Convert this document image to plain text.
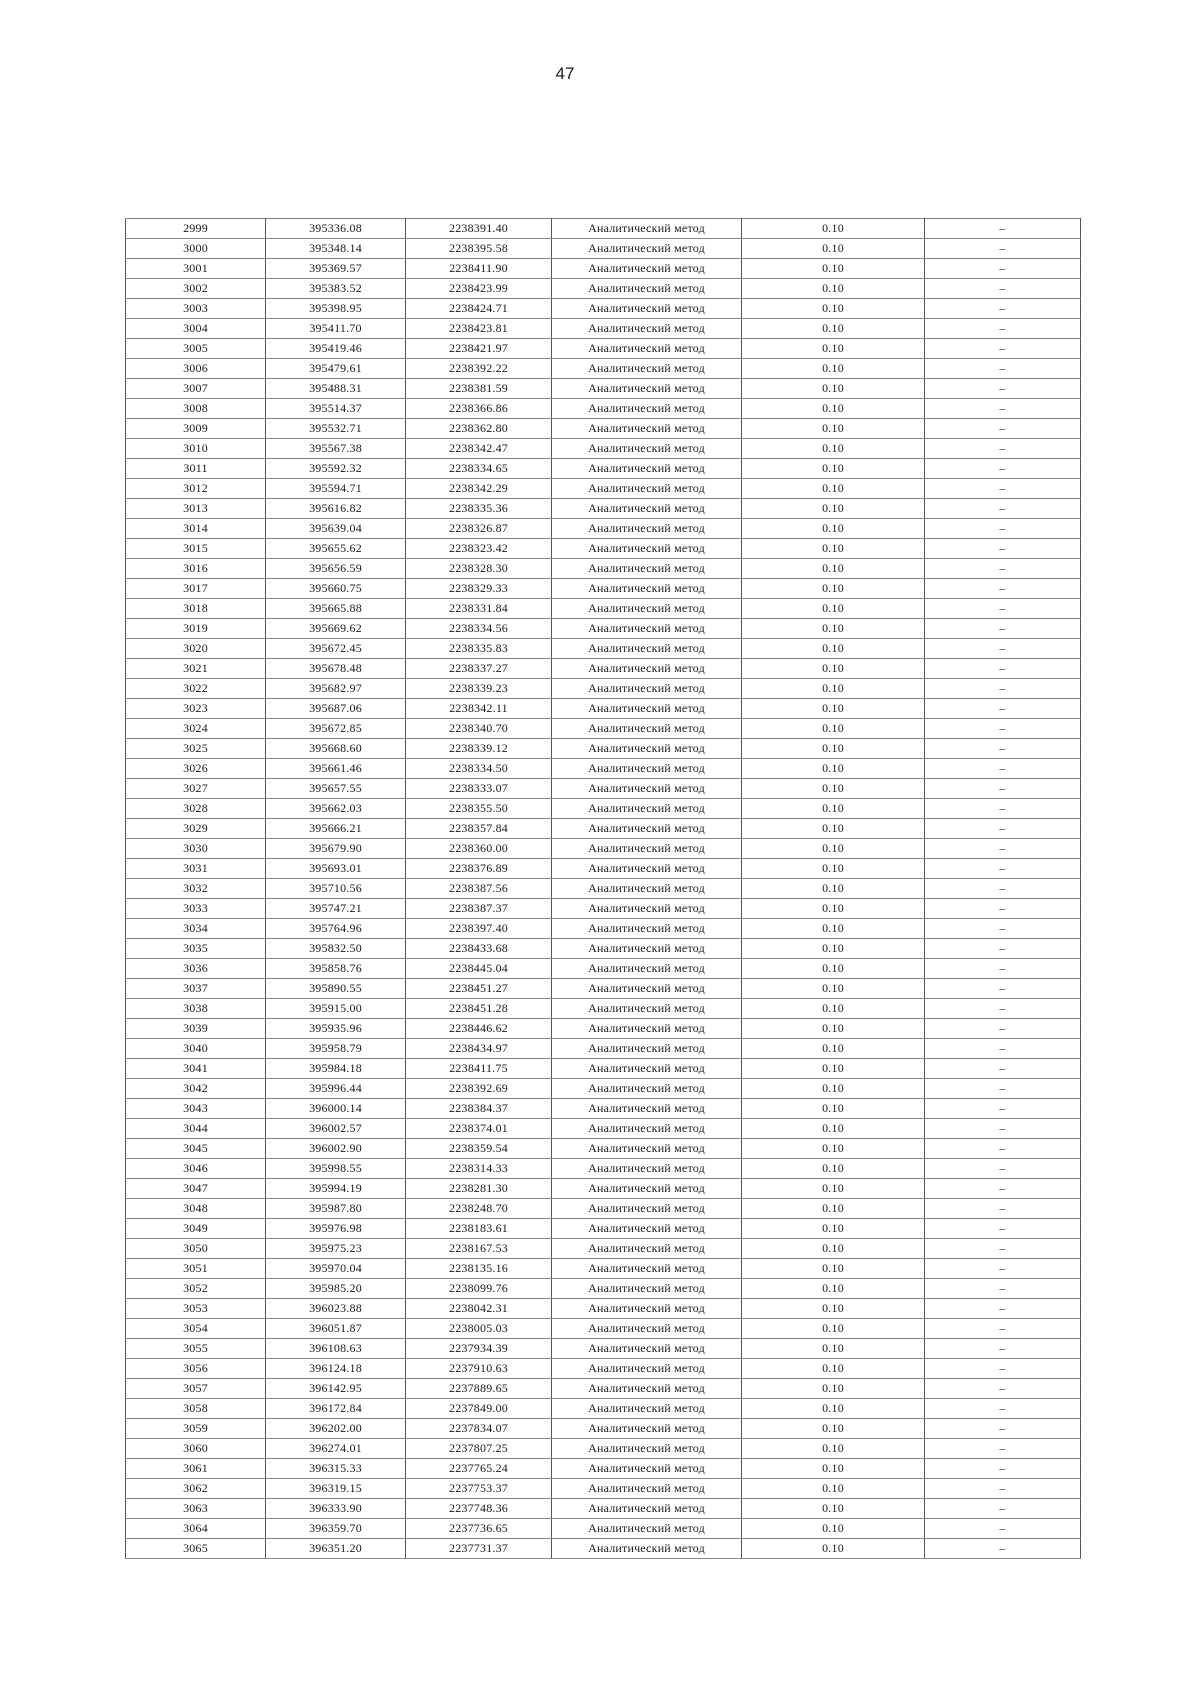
47
2999	395336.08	2238391.40	Аналитический метод	0.10	–
3000	395348.14	2238395.58	Аналитический метод	0.10	–
3001	395369.57	2238411.90	Аналитический метод	0.10	–
3002	395383.52	2238423.99	Аналитический метод	0.10	–
3003	395398.95	2238424.71	Аналитический метод	0.10	–
3004	395411.70	2238423.81	Аналитический метод	0.10	–
3005	395419.46	2238421.97	Аналитический метод	0.10	–
3006	395479.61	2238392.22	Аналитический метод	0.10	–
3007	395488.31	2238381.59	Аналитический метод	0.10	–
3008	395514.37	2238366.86	Аналитический метод	0.10	–
3009	395532.71	2238362.80	Аналитический метод	0.10	–
3010	395567.38	2238342.47	Аналитический метод	0.10	–
3011	395592.32	2238334.65	Аналитический метод	0.10	–
3012	395594.71	2238342.29	Аналитический метод	0.10	–
3013	395616.82	2238335.36	Аналитический метод	0.10	–
3014	395639.04	2238326.87	Аналитический метод	0.10	–
3015	395655.62	2238323.42	Аналитический метод	0.10	–
3016	395656.59	2238328.30	Аналитический метод	0.10	–
3017	395660.75	2238329.33	Аналитический метод	0.10	–
3018	395665.88	2238331.84	Аналитический метод	0.10	–
3019	395669.62	2238334.56	Аналитический метод	0.10	–
3020	395672.45	2238335.83	Аналитический метод	0.10	–
3021	395678.48	2238337.27	Аналитический метод	0.10	–
3022	395682.97	2238339.23	Аналитический метод	0.10	–
3023	395687.06	2238342.11	Аналитический метод	0.10	–
3024	395672.85	2238340.70	Аналитический метод	0.10	–
3025	395668.60	2238339.12	Аналитический метод	0.10	–
3026	395661.46	2238334.50	Аналитический метод	0.10	–
3027	395657.55	2238333.07	Аналитический метод	0.10	–
3028	395662.03	2238355.50	Аналитический метод	0.10	–
3029	395666.21	2238357.84	Аналитический метод	0.10	–
3030	395679.90	2238360.00	Аналитический метод	0.10	–
3031	395693.01	2238376.89	Аналитический метод	0.10	–
3032	395710.56	2238387.56	Аналитический метод	0.10	–
3033	395747.21	2238387.37	Аналитический метод	0.10	–
3034	395764.96	2238397.40	Аналитический метод	0.10	–
3035	395832.50	2238433.68	Аналитический метод	0.10	–
3036	395858.76	2238445.04	Аналитический метод	0.10	–
3037	395890.55	2238451.27	Аналитический метод	0.10	–
3038	395915.00	2238451.28	Аналитический метод	0.10	–
3039	395935.96	2238446.62	Аналитический метод	0.10	–
3040	395958.79	2238434.97	Аналитический метод	0.10	–
3041	395984.18	2238411.75	Аналитический метод	0.10	–
3042	395996.44	2238392.69	Аналитический метод	0.10	–
3043	396000.14	2238384.37	Аналитический метод	0.10	–
3044	396002.57	2238374.01	Аналитический метод	0.10	–
3045	396002.90	2238359.54	Аналитический метод	0.10	–
3046	395998.55	2238314.33	Аналитический метод	0.10	–
3047	395994.19	2238281.30	Аналитический метод	0.10	–
3048	395987.80	2238248.70	Аналитический метод	0.10	–
3049	395976.98	2238183.61	Аналитический метод	0.10	–
3050	395975.23	2238167.53	Аналитический метод	0.10	–
3051	395970.04	2238135.16	Аналитический метод	0.10	–
3052	395985.20	2238099.76	Аналитический метод	0.10	–
3053	396023.88	2238042.31	Аналитический метод	0.10	–
3054	396051.87	2238005.03	Аналитический метод	0.10	–
3055	396108.63	2237934.39	Аналитический метод	0.10	–
3056	396124.18	2237910.63	Аналитический метод	0.10	–
3057	396142.95	2237889.65	Аналитический метод	0.10	–
3058	396172.84	2237849.00	Аналитический метод	0.10	–
3059	396202.00	2237834.07	Аналитический метод	0.10	–
3060	396274.01	2237807.25	Аналитический метод	0.10	–
3061	396315.33	2237765.24	Аналитический метод	0.10	–
3062	396319.15	2237753.37	Аналитический метод	0.10	–
3063	396333.90	2237748.36	Аналитический метод	0.10	–
3064	396359.70	2237736.65	Аналитический метод	0.10	–
3065	396351.20	2237731.37	Аналитический метод	0.10	–
